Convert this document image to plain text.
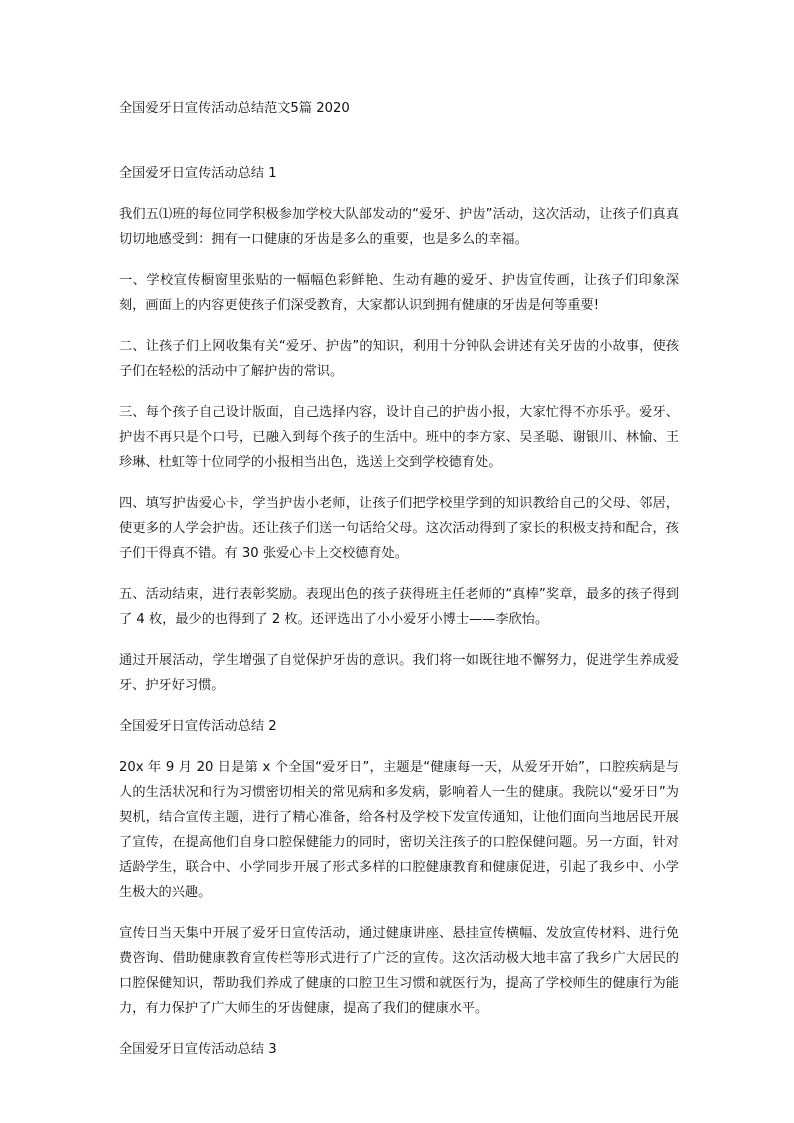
全国爱牙日宣传活动总结范文5篇 2020
全国爱牙日宣传活动总结 1

我们五⑴班的每位同学积极参加学校大队部发动的“爱牙、护齿”活动，这次活动，让孩子们真真切切地感受到：拥有一口健康的牙齿是多么的重要，也是多么的幸福。

一、学校宣传橱窗里张贴的一幅幅色彩鲜艳、生动有趣的爱牙、护齿宣传画，让孩子们印象深刻，画面上的内容更使孩子们深受教育，大家都认识到拥有健康的牙齿是何等重要!

二、让孩子们上网收集有关“爱牙、护齿”的知识，利用十分钟队会讲述有关牙齿的小故事，使孩子们在轻松的活动中了解护齿的常识。

三、每个孩子自己设计版面，自己选择内容，设计自己的护齿小报，大家忙得不亦乐乎。爱牙、护齿不再只是个口号，已融入到每个孩子的生活中。班中的李方家、吴圣聪、谢银川、林愉、王珍琳、杜虹等十位同学的小报相当出色，选送上交到学校德育处。

四、填写护齿爱心卡，学当护齿小老师，让孩子们把学校里学到的知识教给自己的父母、邻居，使更多的人学会护齿。还让孩子们送一句话给父母。这次活动得到了家长的积极支持和配合，孩子们干得真不错。有 30 张爱心卡上交校德育处。

五、活动结束，进行表彰奖励。表现出色的孩子获得班主任老师的“真棒”奖章，最多的孩子得到了 4 枚，最少的也得到了 2 枚。还评选出了小小爱牙小博士——李欣怡。

通过开展活动，学生增强了自觉保护牙齿的意识。我们将一如既往地不懈努力，促进学生养成爱牙、护牙好习惯。

全国爱牙日宣传活动总结 2

20x 年 9 月 20 日是第 x 个全国“爱牙日”，主题是“健康每一天，从爱牙开始”，口腔疾病是与人的生活状况和行为习惯密切相关的常见病和多发病，影响着人一生的健康。我院以“爱牙日”为契机，结合宣传主题，进行了精心准备，给各村及学校下发宣传通知，让他们面向当地居民开展了宣传，在提高他们自身口腔保健能力的同时，密切关注孩子的口腔保健问题。另一方面，针对适龄学生，联合中、小学同步开展了形式多样的口腔健康教育和健康促进，引起了我乡中、小学生极大的兴趣。

宣传日当天集中开展了爱牙日宣传活动，通过健康讲座、悬挂宣传横幅、发放宣传材料、进行免费咨询、借助健康教育宣传栏等形式进行了广泛的宣传。这次活动极大地丰富了我乡广大居民的口腔保健知识，帮助我们养成了健康的口腔卫生习惯和就医行为，提高了学校师生的健康行为能力，有力保护了广大师生的牙齿健康，提高了我们的健康水平。

全国爱牙日宣传活动总结 3
